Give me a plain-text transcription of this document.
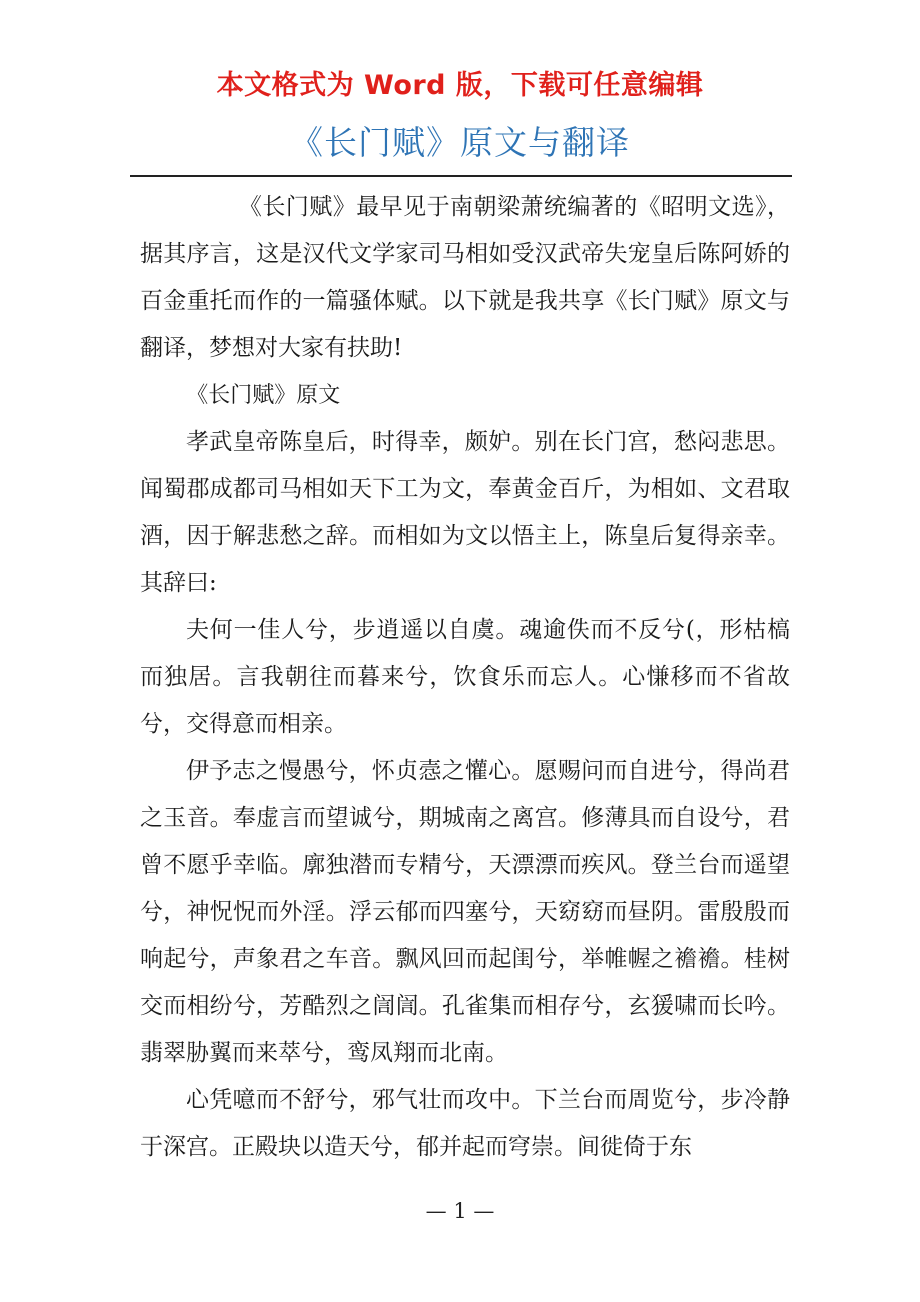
本文格式为 Word 版，下载可任意编辑
《长门赋》原文与翻译

《长门赋》最早见于南朝梁萧统编著的《昭明文选》，据其序言，这是汉代文学家司马相如受汉武帝失宠皇后陈阿娇的百金重托而作的一篇骚体赋。以下就是我共享《长门赋》原文与翻译，梦想对大家有扶助!

《长门赋》原文

孝武皇帝陈皇后，时得幸，颇妒。别在长门宫，愁闷悲思。闻蜀郡成都司马相如天下工为文，奉黄金百斤，为相如、文君取酒，因于解悲愁之辞。而相如为文以悟主上，陈皇后复得亲幸。其辞曰:

夫何一佳人兮，步逍遥以自虞。魂逾佚而不反兮(，形枯槁而独居。言我朝往而暮来兮，饮食乐而忘人。心慊移而不省故兮，交得意而相亲。

伊予志之慢愚兮，怀贞悫之懽心。愿赐问而自进兮，得尚君之玉音。奉虚言而望诚兮，期城南之离宫。修薄具而自设兮，君曾不愿乎幸临。廓独潜而专精兮，天漂漂而疾风。登兰台而遥望兮，神怳怳而外淫。浮云郁而四塞兮，天窈窈而昼阴。雷殷殷而响起兮，声象君之车音。飘风回而起闺兮，举帷幄之襜襜。桂树交而相纷兮，芳酷烈之訚訚。孔雀集而相存兮，玄猨啸而长吟。翡翠胁翼而来萃兮，鸾凤翔而北南。

心凭噫而不舒兮，邪气壮而攻中。下兰台而周览兮，步冷静于深宫。正殿块以造天兮，郁并起而穹崇。间徙倚于东

— 1 —
